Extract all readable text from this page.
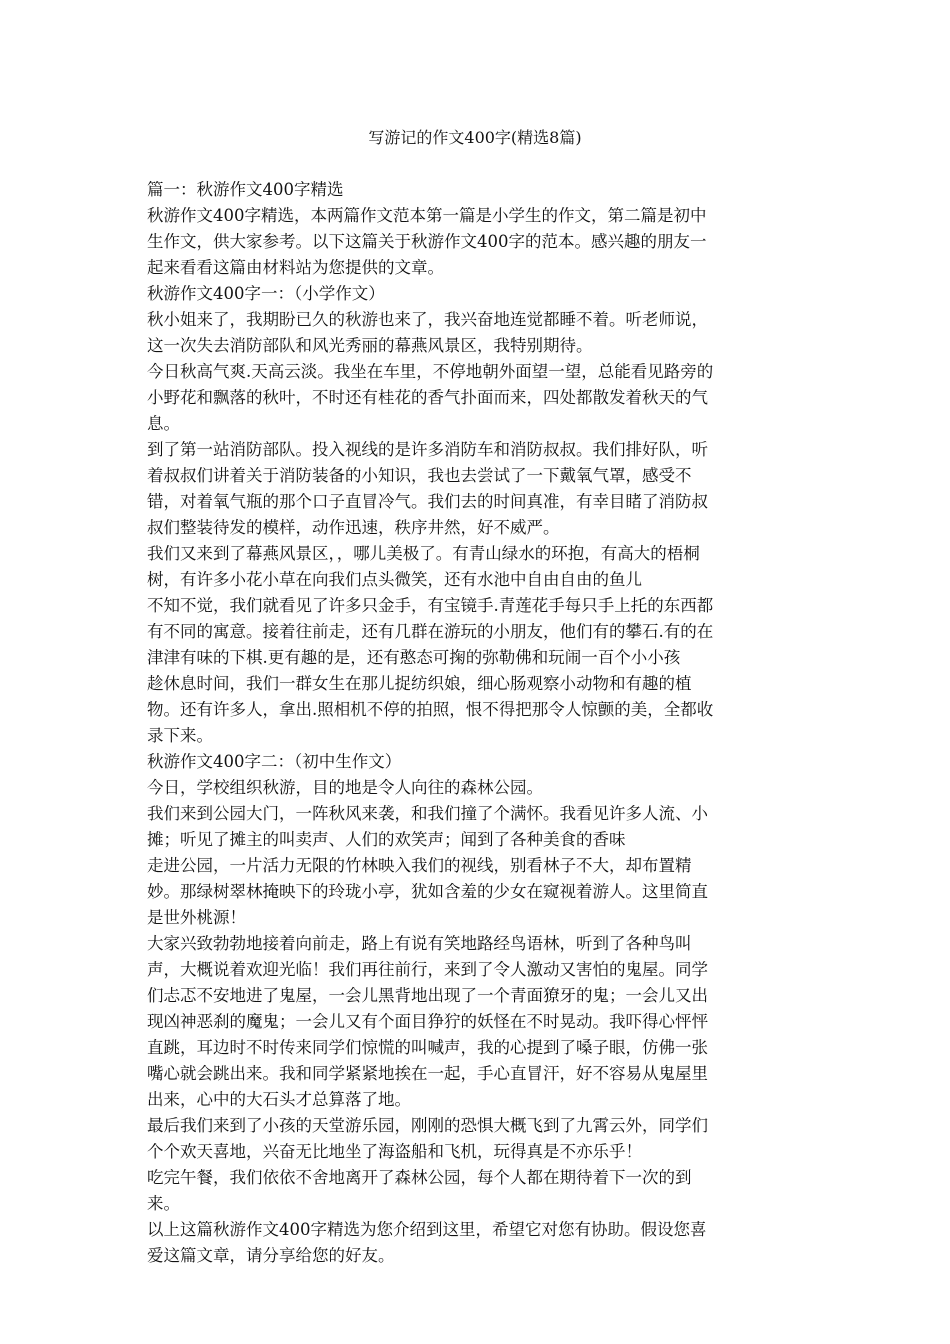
写游记的作文400字(精选8篇)
篇一：秋游作文400字精选
秋游作文400字精选，本两篇作文范本第一篇是小学生的作文，第二篇是初中
生作文，供大家参考。以下这篇关于秋游作文400字的范本。感兴趣的朋友一
起来看看这篇由材料站为您提供的文章。
秋游作文400字一：（小学作文）
秋小姐来了，我期盼已久的秋游也来了，我兴奋地连觉都睡不着。听老师说，
这一次失去消防部队和风光秀丽的幕燕风景区，我特别期待。
今日秋高气爽.天高云淡。我坐在车里，不停地朝外面望一望，总能看见路旁的
小野花和飘落的秋叶，不时还有桂花的香气扑面而来，四处都散发着秋天的气
息。
到了第一站消防部队。投入视线的是许多消防车和消防叔叔。我们排好队，听
着叔叔们讲着关于消防装备的小知识，我也去尝试了一下戴氧气罩，感受不
错，对着氧气瓶的那个口子直冒冷气。我们去的时间真准，有幸目睹了消防叔
叔们整装待发的模样，动作迅速，秩序井然，好不威严。
我们又来到了幕燕风景区，，哪儿美极了。有青山绿水的环抱，有高大的梧桐
树，有许多小花小草在向我们点头微笑，还有水池中自由自由的鱼儿
不知不觉，我们就看见了许多只金手，有宝镜手.青莲花手每只手上托的东西都
有不同的寓意。接着往前走，还有几群在游玩的小朋友，他们有的攀石.有的在
津津有味的下棋.更有趣的是，还有憨态可掬的弥勒佛和玩闹一百个小小孩
趁休息时间，我们一群女生在那儿捉纺织娘，细心肠观察小动物和有趣的植
物。还有许多人，拿出.照相机不停的拍照，恨不得把那令人惊颤的美，全都收
录下来。
秋游作文400字二：（初中生作文）
今日，学校组织秋游，目的地是令人向往的森林公园。
我们来到公园大门，一阵秋风来袭，和我们撞了个满怀。我看见许多人流、小
摊；听见了摊主的叫卖声、人们的欢笑声；闻到了各种美食的香味
走进公园，一片活力无限的竹林映入我们的视线，别看林子不大，却布置精
妙。那绿树翠林掩映下的玲珑小亭，犹如含羞的少女在窥视着游人。这里简直
是世外桃源！
大家兴致勃勃地接着向前走，路上有说有笑地路经鸟语林，听到了各种鸟叫
声，大概说着欢迎光临！我们再往前行，来到了令人激动又害怕的鬼屋。同学
们忐忑不安地进了鬼屋，一会儿黑背地出现了一个青面獠牙的鬼；一会儿又出
现凶神恶刹的魔鬼；一会儿又有个面目狰狞的妖怪在不时晃动。我吓得心怦怦
直跳，耳边时不时传来同学们惊慌的叫喊声，我的心提到了嗓子眼，仿佛一张
嘴心就会跳出来。我和同学紧紧地挨在一起，手心直冒汗，好不容易从鬼屋里
出来，心中的大石头才总算落了地。
最后我们来到了小孩的天堂游乐园，刚刚的恐惧大概飞到了九霄云外，同学们
个个欢天喜地，兴奋无比地坐了海盗船和飞机，玩得真是不亦乐乎！
吃完午餐，我们依依不舍地离开了森林公园，每个人都在期待着下一次的到
来。
以上这篇秋游作文400字精选为您介绍到这里，希望它对您有协助。假设您喜
爱这篇文章，请分享给您的好友。
